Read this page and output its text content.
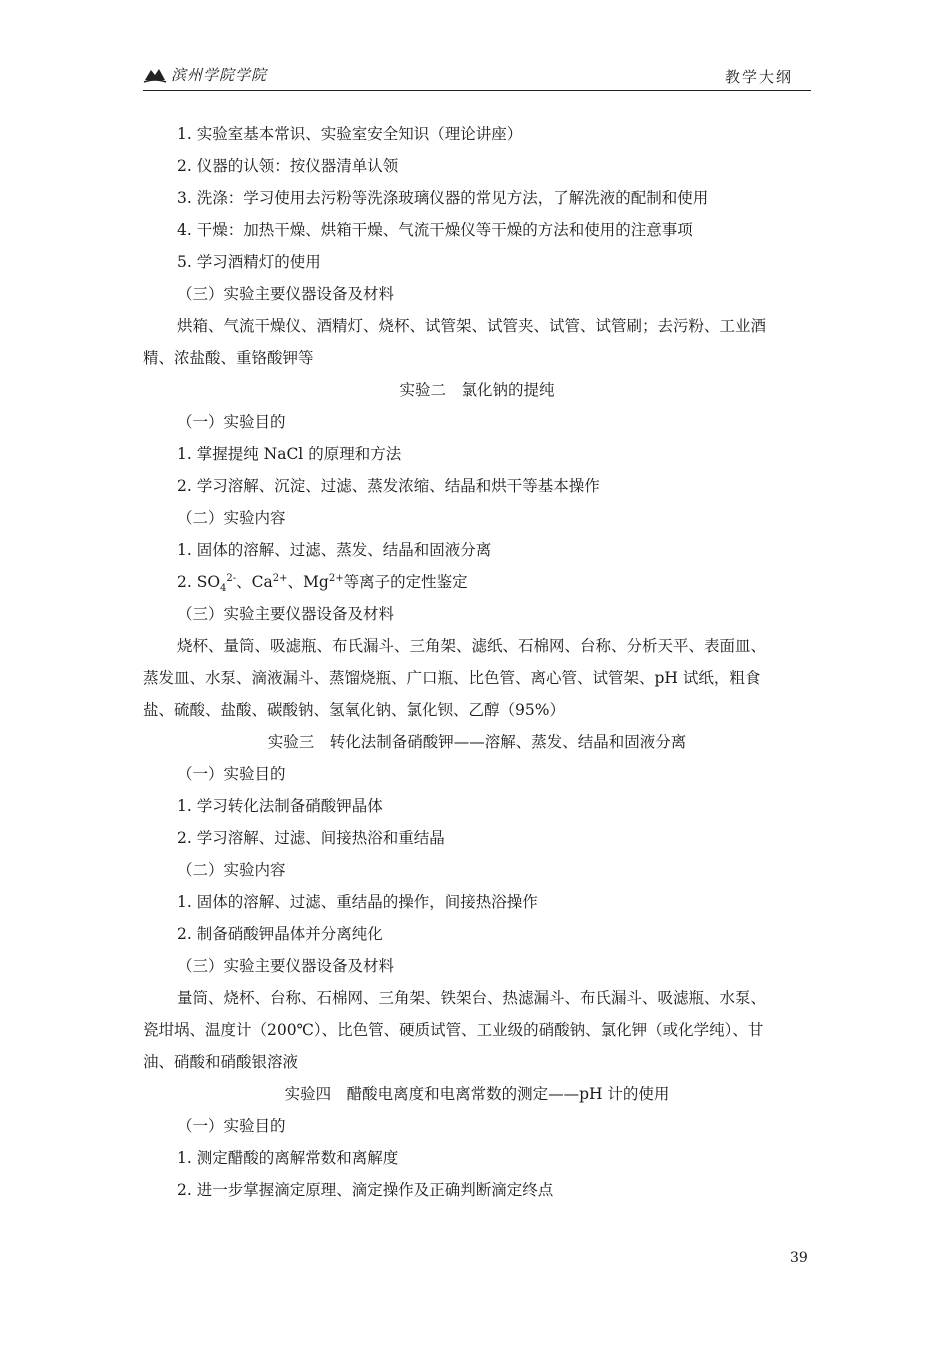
滨州学院学院	教学大纲
1. 实验室基本常识、实验室安全知识（理论讲座）
2. 仪器的认领：按仪器清单认领
3. 洗涤：学习使用去污粉等洗涤玻璃仪器的常见方法，了解洗液的配制和使用
4. 干燥：加热干燥、烘箱干燥、气流干燥仪等干燥的方法和使用的注意事项
5. 学习酒精灯的使用
（三）实验主要仪器设备及材料
烘箱、气流干燥仪、酒精灯、烧杯、试管架、试管夹、试管、试管刷；去污粉、工业酒
精、浓盐酸、重铬酸钾等
实验二　氯化钠的提纯
（一）实验目的
1. 掌握提纯 NaCl 的原理和方法
2. 学习溶解、沉淀、过滤、蒸发浓缩、结晶和烘干等基本操作
（二）实验内容
1. 固体的溶解、过滤、蒸发、结晶和固液分离
2. $SO_4^{2-}$、$Ca^{2+}$、$Mg^{2+}$等离子的定性鉴定
（三）实验主要仪器设备及材料
烧杯、量筒、吸滤瓶、布氏漏斗、三角架、滤纸、石棉网、台称、分析天平、表面皿、
蒸发皿、水泵、滴液漏斗、蒸馏烧瓶、广口瓶、比色管、离心管、试管架、pH 试纸，粗食
盐、硫酸、盐酸、碳酸钠、氢氧化钠、氯化钡、乙醇（95%）
实验三　转化法制备硝酸钾——溶解、蒸发、结晶和固液分离
（一）实验目的
1. 学习转化法制备硝酸钾晶体
2. 学习溶解、过滤、间接热浴和重结晶
（二）实验内容
1. 固体的溶解、过滤、重结晶的操作，间接热浴操作
2. 制备硝酸钾晶体并分离纯化
（三）实验主要仪器设备及材料
量筒、烧杯、台称、石棉网、三角架、铁架台、热滤漏斗、布氏漏斗、吸滤瓶、水泵、
瓷坩埚、温度计（200℃）、比色管、硬质试管、工业级的硝酸钠、氯化钾（或化学纯）、甘
油、硝酸和硝酸银溶液
实验四　醋酸电离度和电离常数的测定——pH 计的使用
（一）实验目的
1. 测定醋酸的离解常数和离解度
2. 进一步掌握滴定原理、滴定操作及正确判断滴定终点
39
